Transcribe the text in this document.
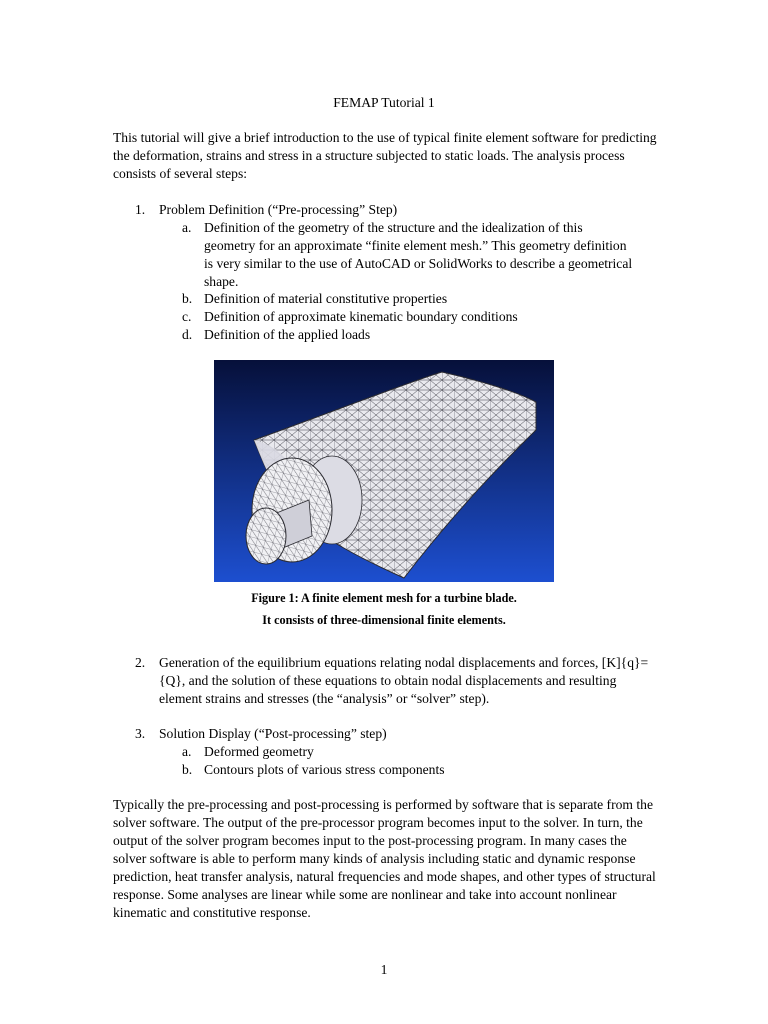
FEMAP Tutorial 1
This tutorial will give a brief introduction to the use of typical finite element software for predicting the deformation, strains and stress in a structure subjected to static loads. The analysis process consists of several steps:
1. Problem Definition (“Pre-processing” Step)
a. Definition of the geometry of the structure and the idealization of this geometry for an approximate “finite element mesh.” This geometry definition is very similar to the use of AutoCAD or SolidWorks to describe a geometrical shape.
b. Definition of material constitutive properties
c. Definition of approximate kinematic boundary conditions
d. Definition of the applied loads
Figure 1: A finite element mesh for a turbine blade.
It consists of three-dimensional finite elements.
2. Generation of the equilibrium equations relating nodal displacements and forces, [K]{q}={Q}, and the solution of these equations to obtain nodal displacements and resulting element strains and stresses (the “analysis” or “solver” step).
3. Solution Display (“Post-processing” step)
a. Deformed geometry
b. Contours plots of various stress components
Typically the pre-processing and post-processing is performed by software that is separate from the solver software. The output of the pre-processor program becomes input to the solver. In turn, the output of the solver program becomes input to the post-processing program. In many cases the solver software is able to perform many kinds of analysis including static and dynamic response prediction, heat transfer analysis, natural frequencies and mode shapes, and other types of structural response. Some analyses are linear while some are nonlinear and take into account nonlinear kinematic and constitutive response.
1
